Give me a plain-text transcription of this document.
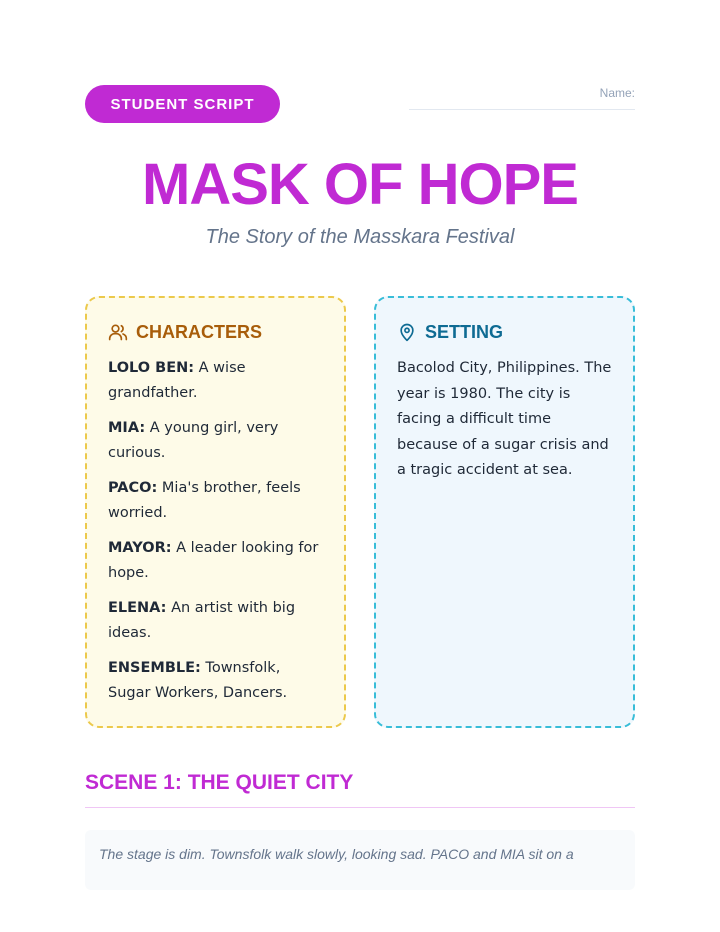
STUDENT SCRIPT
Name:
MASK OF HOPE
The Story of the Masskara Festival
CHARACTERS
LOLO BEN: A wise grandfather.
MIA: A young girl, very curious.
PACO: Mia's brother, feels worried.
MAYOR: A leader looking for hope.
ELENA: An artist with big ideas.
ENSEMBLE: Townsfolk, Sugar Workers, Dancers.
SETTING
Bacolod City, Philippines. The year is 1980. The city is facing a difficult time because of a sugar crisis and a tragic accident at sea.
SCENE 1: THE QUIET CITY
The stage is dim. Townsfolk walk slowly, looking sad. PACO and MIA sit on a
